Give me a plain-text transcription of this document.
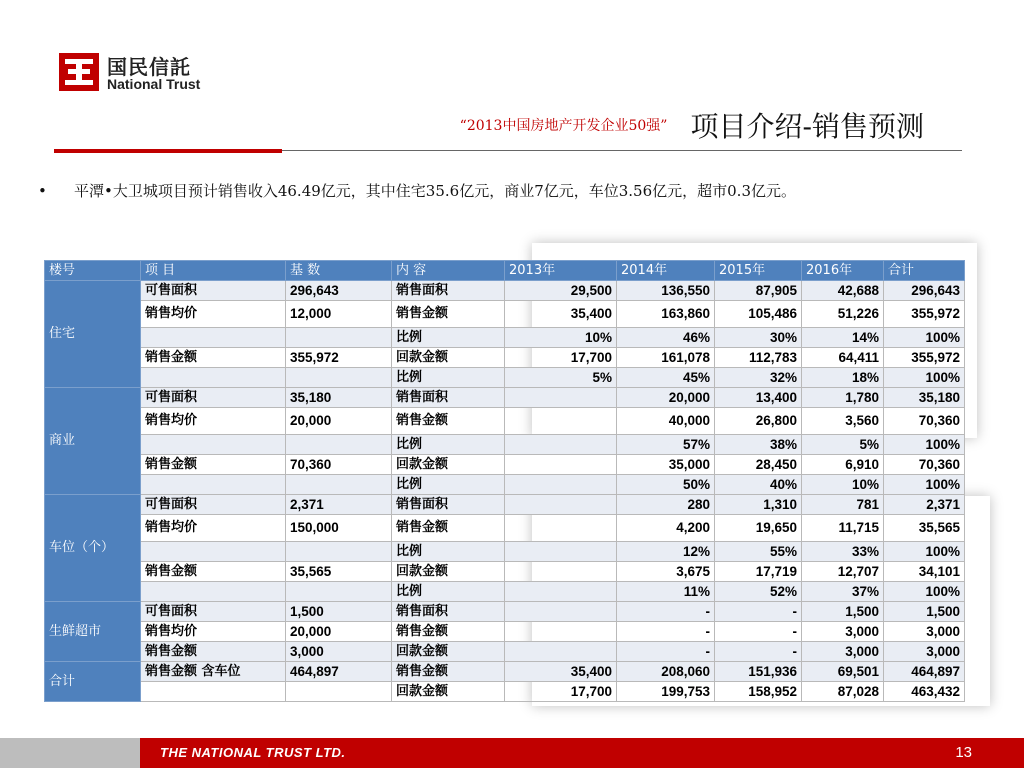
国民信託
National Trust
“2013中国房地产开发企业50强” 项目介绍-销售预测
• 平潭•大卫城项目预计销售收入46.49亿元，其中住宅35.6亿元，商业7亿元，车位3.56亿元，超市0.3亿元。
楼号	项 目	基 数	内 容	2013年	2014年	2015年	2016年	合计
住宅	可售面积	296,643	销售面积	29,500	136,550	87,905	42,688	296,643
	销售均价	12,000	销售金额	35,400	163,860	105,486	51,226	355,972
			比例	10%	46%	30%	14%	100%
	销售金额	355,972	回款金额	17,700	161,078	112,783	64,411	355,972
			比例	5%	45%	32%	18%	100%
商业	可售面积	35,180	销售面积		20,000	13,400	1,780	35,180
	销售均价	20,000	销售金额		40,000	26,800	3,560	70,360
			比例		57%	38%	5%	100%
	销售金额	70,360	回款金额		35,000	28,450	6,910	70,360
			比例		50%	40%	10%	100%
车位（个）	可售面积	2,371	销售面积		280	1,310	781	2,371
	销售均价	150,000	销售金额		4,200	19,650	11,715	35,565
			比例		12%	55%	33%	100%
	销售金额	35,565	回款金额		3,675	17,719	12,707	34,101
			比例		11%	52%	37%	100%
生鲜超市	可售面积	1,500	销售面积		-	-	1,500	1,500
	销售均价	20,000	销售金额		-	-	3,000	3,000
	销售金额	3,000	回款金额		-	-	3,000	3,000
合计	销售金额 含车位	464,897	销售金额	35,400	208,060	151,936	69,501	464,897
			回款金额	17,700	199,753	158,952	87,028	463,432
THE NATIONAL TRUST LTD.	13
